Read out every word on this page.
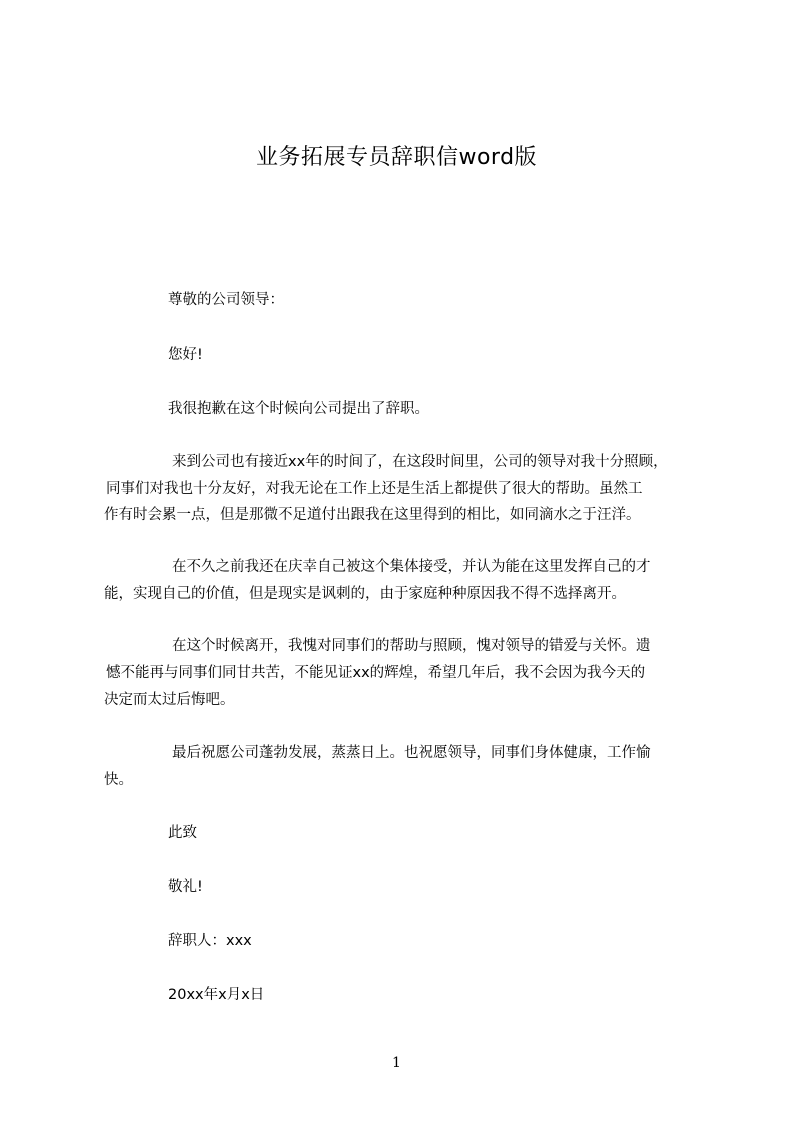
业务拓展专员辞职信word版
尊敬的公司领导：
您好!
我很抱歉在这个时候向公司提出了辞职。
来到公司也有接近xx年的时间了，在这段时间里，公司的领导对我十分照顾，
同事们对我也十分友好，对我无论在工作上还是生活上都提供了很大的帮助。虽然工
作有时会累一点，但是那微不足道付出跟我在这里得到的相比，如同滴水之于汪洋。
在不久之前我还在庆幸自己被这个集体接受，并认为能在这里发挥自己的才
能，实现自己的价值，但是现实是讽刺的，由于家庭种种原因我不得不选择离开。
在这个时候离开，我愧对同事们的帮助与照顾，愧对领导的错爱与关怀。遗
憾不能再与同事们同甘共苦，不能见证xx的辉煌，希望几年后，我不会因为我今天的
决定而太过后悔吧。
最后祝愿公司蓬勃发展，蒸蒸日上。也祝愿领导，同事们身体健康，工作愉
快。
此致
敬礼!
辞职人：xxx
20xx年x月x日
1
